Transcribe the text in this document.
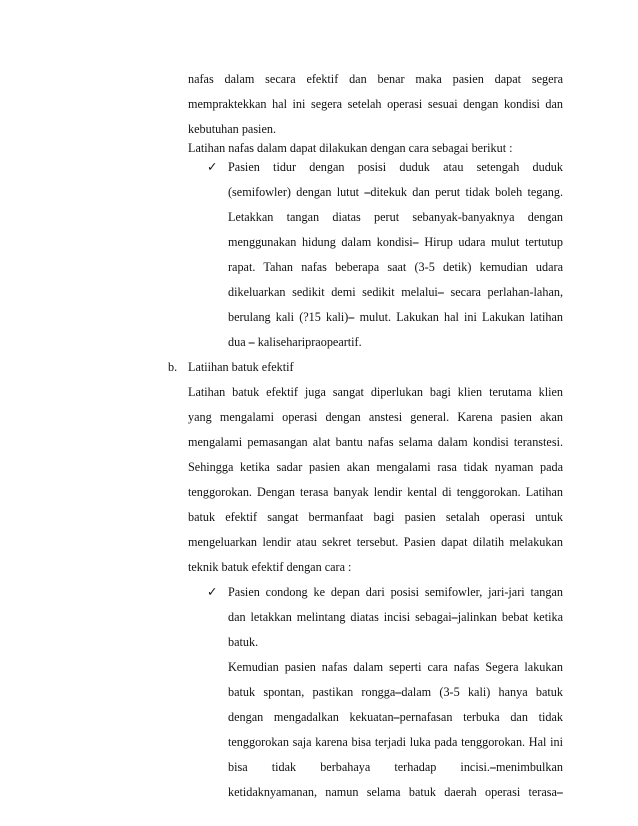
nafas dalam secara efektif dan benar maka pasien dapat segera
mempraktekkan hal ini segera setelah operasi sesuai dengan kondisi dan
kebutuhan pasien.
Latihan nafas dalam dapat dilakukan dengan cara sebagai berikut :
✓ Pasien tidur dengan posisi duduk atau setengah duduk
(semifowler) dengan lutut ⎯ditekuk dan perut tidak boleh tegang.
Letakkan tangan diatas perut sebanyak-banyaknya dengan
menggunakan hidung dalam kondisi⎯ Hirup udara mulut tertutup
rapat. Tahan nafas beberapa saat (3-5 detik) kemudian udara
dikeluarkan sedikit demi sedikit melalui⎯ secara perlahan-lahan,
berulang kali (?15 kali)⎯ mulut. Lakukan hal ini Lakukan latihan
dua ⎯ kaliseharipraopeartif.
b. Latiihan batuk efektif
Latihan batuk efektif juga sangat diperlukan bagi klien terutama klien
yang mengalami operasi dengan anstesi general. Karena pasien akan
mengalami pemasangan alat bantu nafas selama dalam kondisi teranstesi.
Sehingga ketika sadar pasien akan mengalami rasa tidak nyaman pada
tenggorokan. Dengan terasa banyak lendir kental di tenggorokan. Latihan
batuk efektif sangat bermanfaat bagi pasien setalah operasi untuk
mengeluarkan lendir atau sekret tersebut. Pasien dapat dilatih melakukan
teknik batuk efektif dengan cara :
✓ Pasien condong ke depan dari posisi semifowler, jari-jari tangan
dan letakkan melintang diatas incisi sebagai⎯jalinkan bebat ketika
batuk.
Kemudian pasien nafas dalam seperti cara nafas Segera lakukan
batuk spontan, pastikan rongga⎯dalam (3-5 kali) hanya batuk
dengan mengadalkan kekuatan⎯pernafasan terbuka dan tidak
tenggorokan saja karena bisa terjadi luka pada tenggorokan. Hal ini
bisa tidak berbahaya terhadap incisi.⎯menimbulkan
ketidaknyamanan, namun selama batuk daerah operasi terasa⎯
